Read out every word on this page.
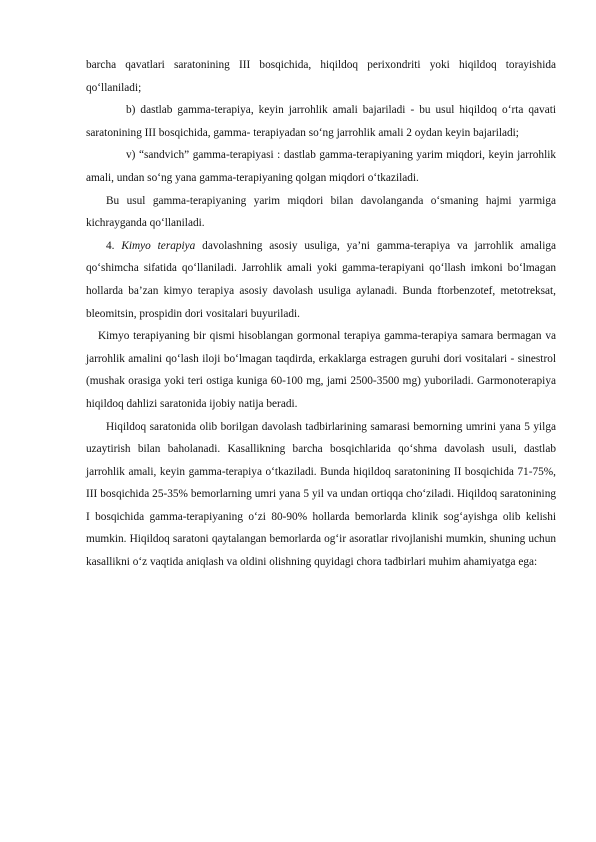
barcha qavatlari saratonining III bosqichida, hiqildoq perixondriti yoki hiqildoq torayishida qo‘llaniladi;

b) dastlab gamma-terapiya, keyin jarrohlik amali bajariladi - bu usul hiqildoq o‘rta qavati saratonining III bosqichida, gamma- terapiyadan so‘ng jarrohlik amali 2 oydan keyin bajariladi;

v) “sandvich” gamma-terapiyasi : dastlab gamma-terapiyaning yarim miqdori, keyin jarrohlik amali, undan so‘ng yana gamma-terapiyaning qolgan miqdori o‘tkaziladi.

Bu usul gamma-terapiyaning yarim miqdori bilan davolanganda o‘smaning hajmi yarmiga kichrayganda qo‘llaniladi.

4. Kimyo terapiya davolashning asosiy usuliga, ya’ni gamma-terapiya va jarrohlik amaliga qo‘shimcha sifatida qo‘llaniladi. Jarrohlik amali yoki gamma-terapiyani qo‘llash imkoni bo‘lmagan hollarda ba’zan kimyo terapiya asosiy davolash usuliga aylanadi. Bunda ftorbenzotef, metotreksat, bleomitsin, prospidin dori vositalari buyuriladi.

Kimyo terapiyaning bir qismi hisoblangan gormonal terapiya gamma-terapiya samara bermagan va jarrohlik amalini qo‘lash iloji bo‘lmagan taqdirda, erkaklarga estragen guruhi dori vositalari - sinestrol (mushak orasiga yoki teri ostiga kuniga 60-100 mg, jami 2500-3500 mg) yuboriladi. Garmonoterapiya hiqildoq dahlizi saratonida ijobiy natija beradi.

Hiqildoq saratonida olib borilgan davolash tadbirlarining samarasi bemorning umrini yana 5 yilga uzaytirish bilan baholanadi. Kasallikning barcha bosqichlarida qo‘shma davolash usuli, dastlab jarrohlik amali, keyin gamma-terapiya o‘tkaziladi. Bunda hiqildoq saratonining II bosqichida 71-75%, III bosqichida 25-35% bemorlarning umri yana 5 yil va undan ortiqqa cho‘ziladi. Hiqildoq saratonining I bosqichida gamma-terapiyaning o‘zi 80-90% hollarda bemorlarda klinik sog‘ayishga olib kelishi mumkin. Hiqildoq saratoni qaytalangan bemorlarda og‘ir asoratlar rivojlanishi mumkin, shuning uchun kasallikni o‘z vaqtida aniqlash va oldini olishning quyidagi chora tadbirlari muhim ahamiyatga ega:
